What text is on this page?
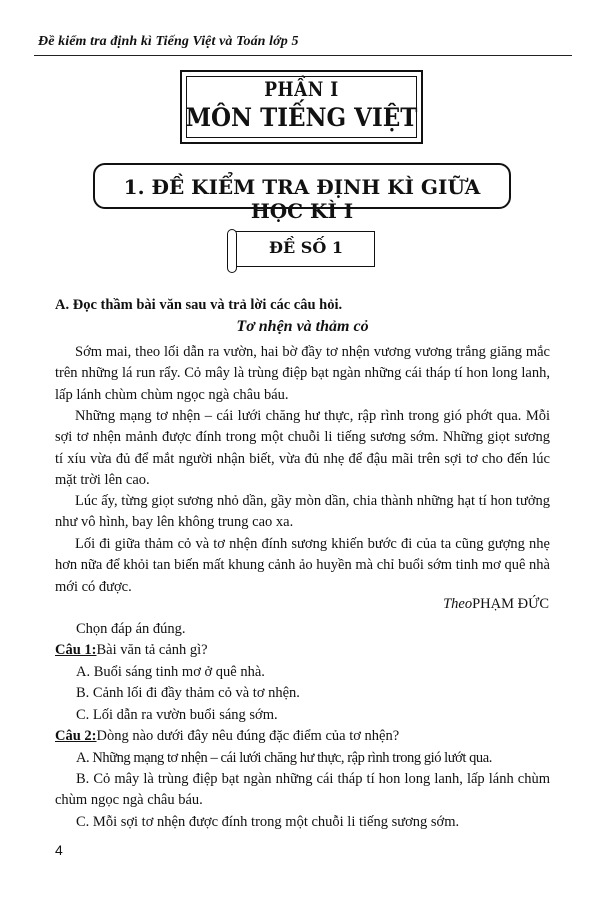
Đề kiểm tra định kì Tiếng Việt và Toán lớp 5
PHẦN I
MÔN TIẾNG VIỆT
1. ĐỀ KIỂM TRA ĐỊNH KÌ GIỮA HỌC KÌ I
ĐỀ SỐ 1
A. Đọc thầm bài văn sau và trả lời các câu hỏi.
Tơ nhện và thảm cỏ
Sớm mai, theo lối dẫn ra vườn, hai bờ đầy tơ nhện vương vương trắng giăng mắc trên những lá run rẩy. Cỏ mây là trùng điệp bạt ngàn những cái tháp tí hon long lanh, lấp lánh chùm chùm ngọc ngà châu báu.
Những mạng tơ nhện – cái lưới chăng hư thực, rập rình trong gió phớt qua. Mỗi sợi tơ nhện mảnh được đính trong một chuỗi li tiếng sương sớm. Những giọt sương tí xíu vừa đủ để mắt người nhận biết, vừa đủ nhẹ để đậu mãi trên sợi tơ cho đến lúc mặt trời lên cao.
Lúc ấy, từng giọt sương nhỏ dần, gầy mòn dần, chia thành những hạt tí hon tưởng như vô hình, bay lên không trung cao xa.
Lối đi giữa thảm cỏ và tơ nhện đính sương khiến bước đi của ta cũng gượng nhẹ hơn nữa để khỏi tan biến mất khung cảnh ảo huyền mà chỉ buổi sớm tinh mơ quê nhà mới có được.
TheoPHẠM ĐỨC
Chọn đáp án đúng.
Câu 1:Bài văn tả cảnh gì?
A. Buổi sáng tinh mơ ở quê nhà.
B. Cảnh lối đi đầy thảm cỏ và tơ nhện.
C. Lối dẫn ra vườn buổi sáng sớm.
Câu 2:Dòng nào dưới đây nêu đúng đặc điểm của tơ nhện?
A. Những mạng tơ nhện – cái lưới chăng hư thực, rập rình trong gió lướt qua.
B. Cỏ mây là trùng điệp bạt ngàn những cái tháp tí hon long lanh, lấp lánh chùm chùm ngọc ngà châu báu.
C. Mỗi sợi tơ nhện được đính trong một chuỗi li tiếng sương sớm.
4
